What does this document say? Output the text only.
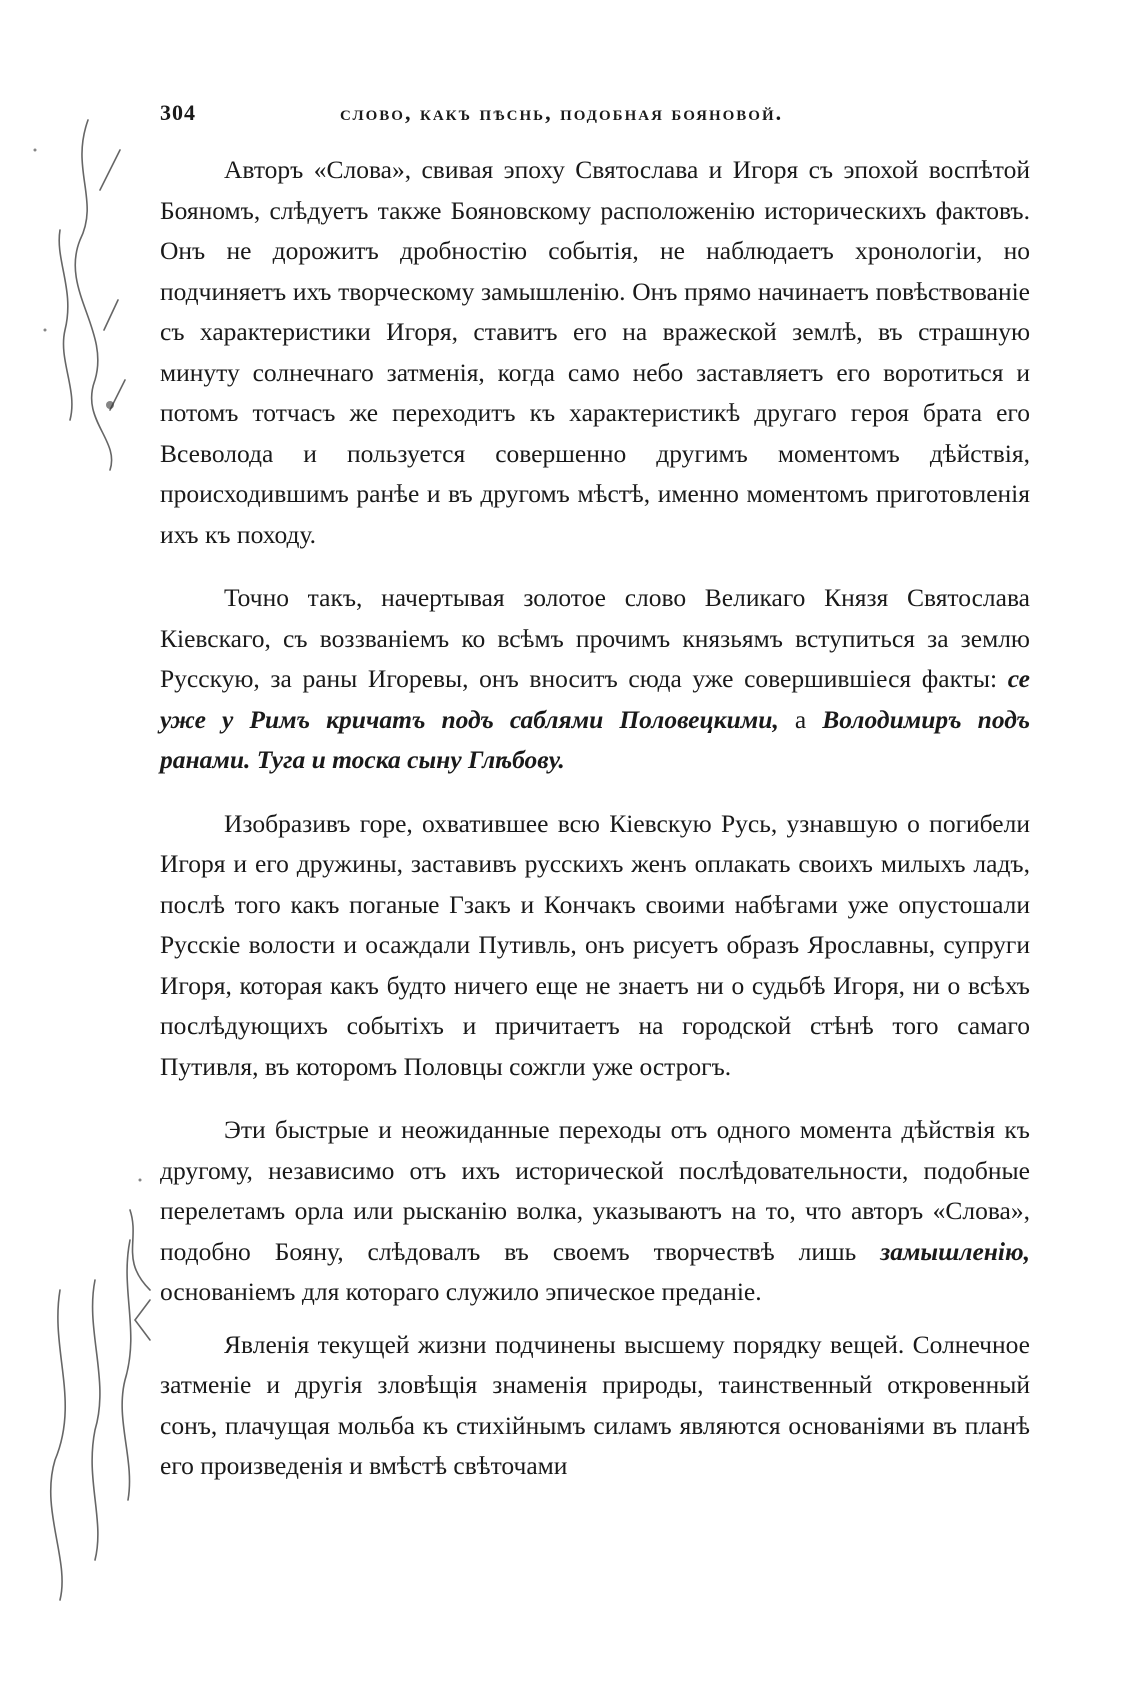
304	слово, какъ пѣснь, подобная бояновой.

Авторъ «Слова», свивая эпоху Святослава и Игоря съ эпохой воспѣтой Бояномъ, слѣдуетъ также Бояновскому расположенію историческихъ фактовъ. Онъ не дорожитъ дробностію событія, не наблюдаетъ хронологіи, но подчиняетъ ихъ творческому замышленію. Онъ прямо начинаетъ повѣствованіе съ характеристики Игоря, ставитъ его на вражеской землѣ, въ страшную минуту солнечнаго затменія, когда само небо заставляетъ его воротиться и потомъ тотчасъ же переходитъ къ характеристикѣ другаго героя брата его Всеволода и пользуется совершенно другимъ моментомъ дѣйствія, происходившимъ ранѣе и въ другомъ мѣстѣ, именно моментомъ приготовленія ихъ къ походу.

Точно такъ, начертывая золотое слово Великаго Князя Святослава Кіевскаго, съ воззваніемъ ко всѣмъ прочимъ князьямъ вступиться за землю Русскую, за раны Игоревы, онъ вноситъ сюда уже совершившіеся факты: се уже у Римъ кричатъ подъ саблями Половецкими, а Володимиръ подъ ранами. Туга и тоска сыну Глѣбову.

Изобразивъ горе, охватившее всю Кіевскую Русь, узнавшую о погибели Игоря и его дружины, заставивъ русскихъ женъ оплакать своихъ милыхъ ладъ, послѣ того какъ поганые Гзакъ и Кончакъ своими набѣгами уже опустошали Русскіе волости и осаждали Путивль, онъ рисуетъ образъ Ярославны, супруги Игоря, которая какъ будто ничего еще не знаетъ ни о судьбѣ Игоря, ни о всѣхъ послѣдующихъ событіхъ и причитаетъ на городской стѣнѣ того самаго Путивля, въ которомъ Половцы сожгли уже острогъ.

Эти быстрые и неожиданные переходы отъ одного момента дѣйствія къ другому, независимо отъ ихъ исторической послѣдовательности, подобные перелетамъ орла или рысканію волка, указываютъ на то, что авторъ «Слова», подобно Бояну, слѣдовалъ въ своемъ творчествѣ лишь замышленію, основаніемъ для котораго служило эпическое преданіе.

Явленія текущей жизни подчинены высшему порядку вещей. Солнечное затменіе и другія зловѣщія знаменія природы, таинственный откровенный сонъ, плачущая мольба къ стихійнымъ силамъ являются основаніями въ планѣ его произведенія и вмѣстѣ свѣточами
